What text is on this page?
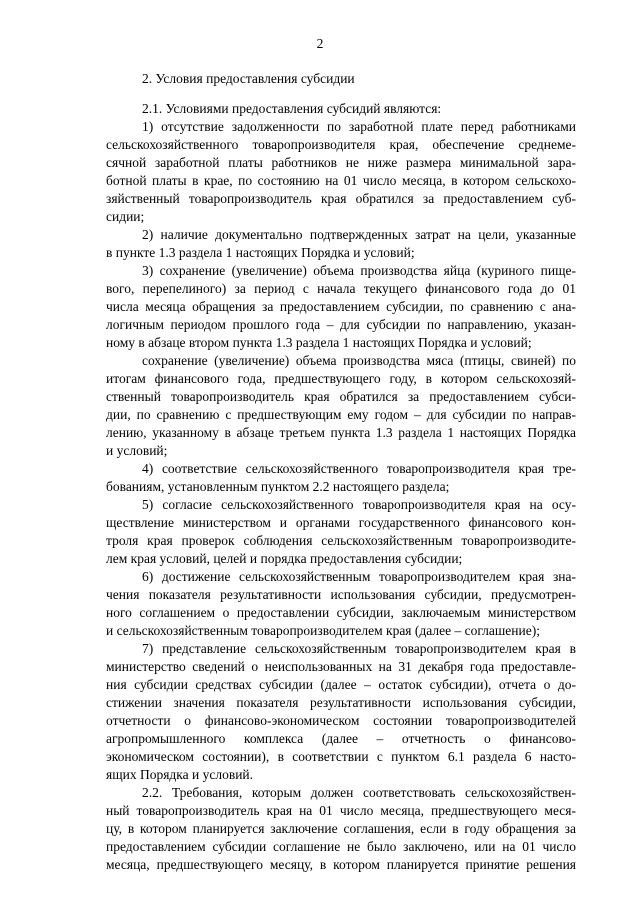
2
2. Условия предоставления субсидии
2.1. Условиями предоставления субсидий являются:
1) отсутствие задолженности по заработной плате перед работниками
сельскохозяйственного товаропроизводителя края, обеспечение среднеме-
сячной заработной платы работников не ниже размера минимальной зара-
ботной платы в крае, по состоянию на 01 число месяца, в котором сельскохо-
зяйственный товаропроизводитель края обратился за предоставлением суб-
сидии;
2) наличие документально подтвержденных затрат на цели, указанные
в пункте 1.3 раздела 1 настоящих Порядка и условий;
3) сохранение (увеличение) объема производства яйца (куриного пище-
вого, перепелиного) за период с начала текущего финансового года до 01
числа месяца обращения за предоставлением субсидии, по сравнению с ана-
логичным периодом прошлого года – для субсидии по направлению, указан-
ному в абзаце втором пункта 1.3 раздела 1 настоящих Порядка и условий;
сохранение (увеличение) объема производства мяса (птицы, свиней) по
итогам финансового года, предшествующего году, в котором сельскохозяй-
ственный товаропроизводитель края обратился за предоставлением субси-
дии, по сравнению с предшествующим ему годом – для субсидии по направ-
лению, указанному в абзаце третьем пункта 1.3 раздела 1 настоящих Порядка
и условий;
4) соответствие сельскохозяйственного товаропроизводителя края тре-
бованиям, установленным пунктом 2.2 настоящего раздела;
5) согласие сельскохозяйственного товаропроизводителя края на осу-
ществление министерством и органами государственного финансового кон-
троля края проверок соблюдения сельскохозяйственным товаропроизводите-
лем края условий, целей и порядка предоставления субсидии;
6) достижение сельскохозяйственным товаропроизводителем края зна-
чения показателя результативности использования субсидии, предусмотрен-
ного соглашением о предоставлении субсидии, заключаемым министерством
и сельскохозяйственным товаропроизводителем края (далее – соглашение);
7) представление сельскохозяйственным товаропроизводителем края в
министерство сведений о неиспользованных на 31 декабря года предоставле-
ния субсидии средствах субсидии (далее – остаток субсидии), отчета о до-
стижении значения показателя результативности использования субсидии,
отчетности о финансово-экономическом состоянии товаропроизводителей
агропромышленного комплекса (далее – отчетность о финансово-
экономическом состоянии), в соответствии с пунктом 6.1 раздела 6 насто-
ящих Порядка и условий.
2.2. Требования, которым должен соответствовать сельскохозяйствен-
ный товаропроизводитель края на 01 число месяца, предшествующего меся-
цу, в котором планируется заключение соглашения, если в году обращения за
предоставлением субсидии соглашение не было заключено, или на 01 число
месяца, предшествующего месяцу, в котором планируется принятие решения
